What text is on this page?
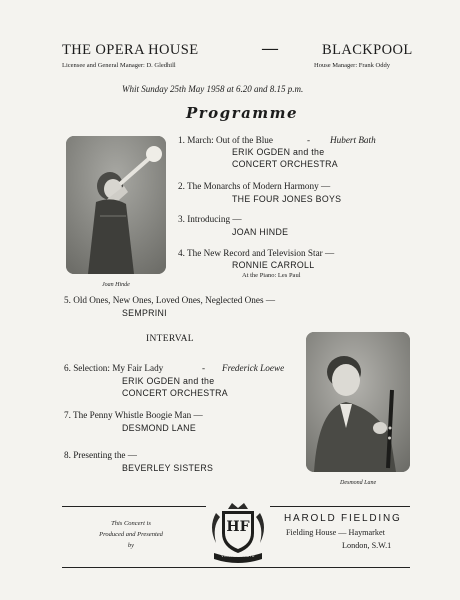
THE OPERA HOUSE	—	BLACKPOOL
Licensee and General Manager: D. Gledhill	House Manager: Frank Oddy
Whit Sunday 25th May 1958 at 6.20 and 8.15 p.m.
Programme
Joan Hinde
1. March: Out of the Blue	- Hubert Bath
ERIK OGDEN and the
CONCERT ORCHESTRA
2. The Monarchs of Modern Harmony —
THE FOUR JONES BOYS
3. Introducing —
JOAN HINDE
4. The New Record and Television Star —
RONNIE CARROLL
At the Piano: Les Paul
5. Old Ones, New Ones, Loved Ones, Neglected Ones —
SEMPRINI
INTERVAL
6. Selection: My Fair Lady	- Frederick Loewe
ERIK OGDEN and the
CONCERT ORCHESTRA
7. The Penny Whistle Boogie Man —
DESMOND LANE
8. Presenting the —
BEVERLEY SISTERS
Desmond Lane
This Concert is
Produced and Presented
by
HF
VIGORE ET ACTU
HAROLD FIELDING
Fielding House — Haymarket
London, S.W.1
